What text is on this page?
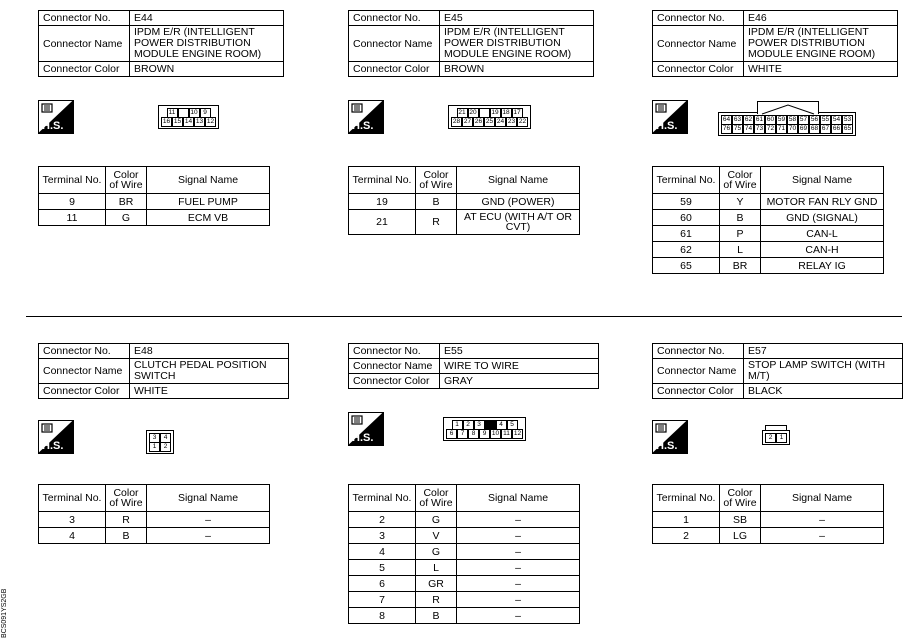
BCS091YS2GB
Connector No.	E44
Connector Name	IPDM E/R (INTELLIGENT POWER DISTRIBUTION MODULE ENGINE ROOM)
Connector Color	BROWN
H.S.
11	10 9
16 15 14 13 12
Terminal No.	Color of Wire	Signal Name
9	BR	FUEL PUMP
11	G	ECM VB
Connector No.	E45
Connector Name	IPDM E/R (INTELLIGENT POWER DISTRIBUTION MODULE ENGINE ROOM)
Connector Color	BROWN
H.S.
21 20 19 18 17
28 27 26 25 24 23 22
Terminal No.	Color of Wire	Signal Name
19	B	GND (POWER)
21	R	AT ECU (WITH A/T OR CVT)
Connector No.	E46
Connector Name	IPDM E/R (INTELLIGENT POWER DISTRIBUTION MODULE ENGINE ROOM)
Connector Color	WHITE
H.S.
64 63 62 61 60 59 58 57 56 55 54 53
76 75 74 73 72 71 70 69 68 67 66 65
Terminal No.	Color of Wire	Signal Name
59	Y	MOTOR FAN RLY GND
60	B	GND (SIGNAL)
61	P	CAN-L
62	L	CAN-H
65	BR	RELAY IG
Connector No.	E48
Connector Name	CLUTCH PEDAL POSITION SWITCH
Connector Color	WHITE
H.S.
3	4
1	2
Terminal No.	Color of Wire	Signal Name
3	R	–
4	B	–
Connector No.	E55
Connector Name	WIRE TO WIRE
Connector Color	GRAY
H.S.
1	2	3	4	5
6	7	8	9 10 11 12
Terminal No.	Color of Wire	Signal Name
2	G	–
3	V	–
4	G	–
5	L	–
6	GR	–
7	R	–
8	B	–
Connector No.	E57
Connector Name	STOP LAMP SWITCH (WITH M/T)
Connector Color	BLACK
H.S.
2	1
Terminal No.	Color of Wire	Signal Name
1	SB	–
2	LG	–
